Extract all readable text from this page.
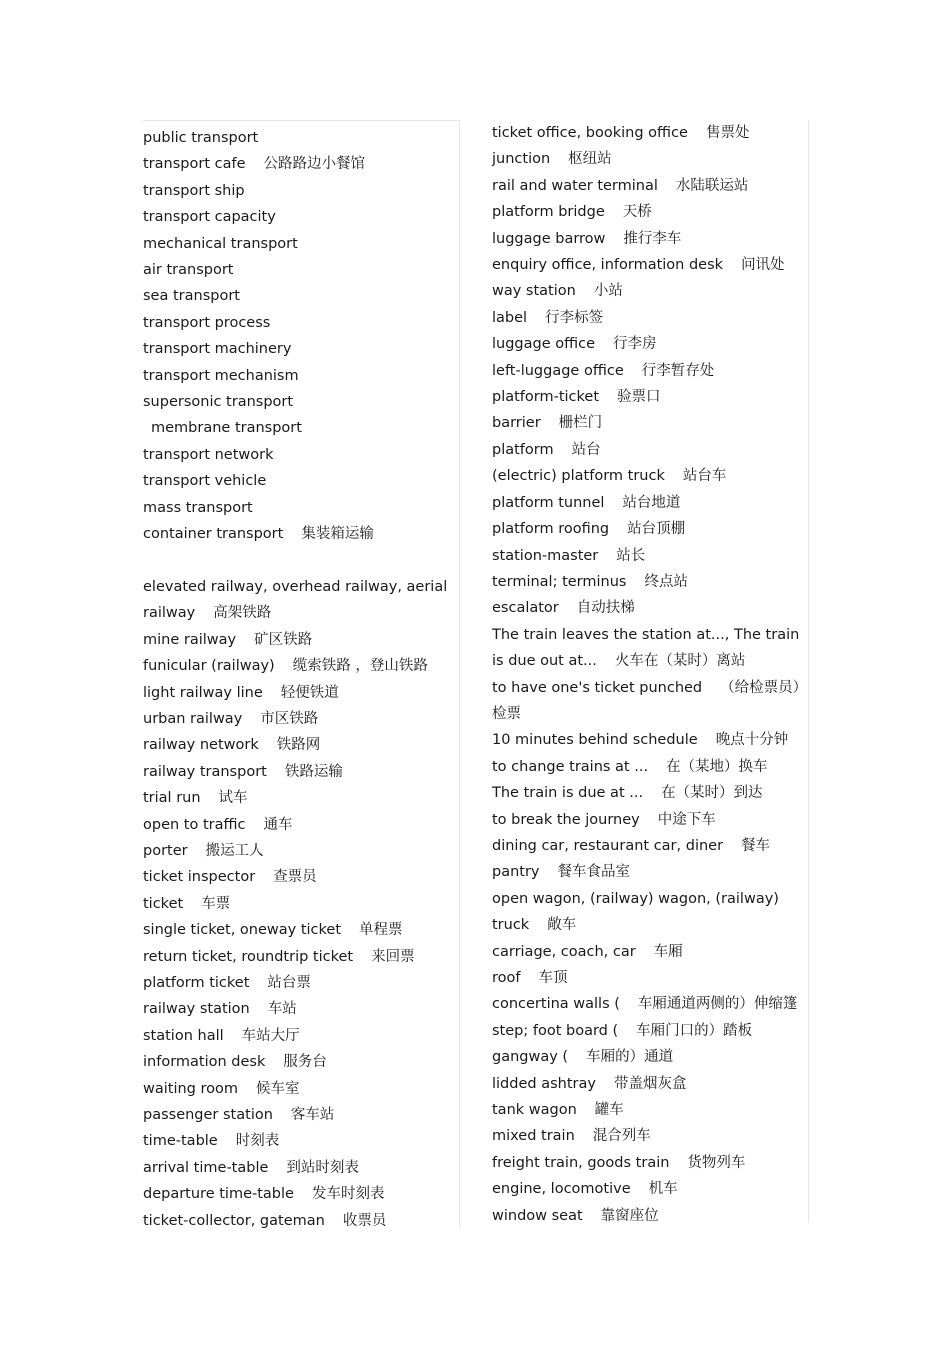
public transport
transport cafe 公路路边小餐馆
transport ship
transport capacity
mechanical transport
air transport
sea transport
transport process
transport machinery
transport mechanism
supersonic transport
membrane transport
transport network
transport vehicle
mass transport
container transport 集装箱运输
elevated railway, overhead railway, aerial
railway 高架铁路
mine railway 矿区铁路
funicular (railway) 缆索铁路 ，登山铁路
light railway line 轻便铁道
urban railway 市区铁路
railway network 铁路网
railway transport 铁路运输
trial run 试车
open to traffic 通车
porter 搬运工人
ticket inspector 查票员
ticket 车票
single ticket, oneway ticket 单程票
return ticket, roundtrip ticket 来回票
platform ticket 站台票
railway station 车站
station hall 车站大厅
information desk 服务台
waiting room 候车室
passenger station 客车站
time-table 时刻表
arrival time-table 到站时刻表
departure time-table 发车时刻表
ticket-collector, gateman 收票员
ticket office, booking office 售票处
junction 枢纽站
rail and water terminal 水陆联运站
platform bridge 天桥
luggage barrow 推行李车
enquiry office, information desk 问讯处
way station 小站
label 行李标签
luggage office 行李房
left-luggage office 行李暂存处
platform-ticket 验票口
barrier 栅栏门
platform 站台
(electric) platform truck 站台车
platform tunnel 站台地道
platform roofing 站台顶棚
station-master 站长
terminal; terminus 终点站
escalator 自动扶梯
The train leaves the station at..., The train
is due out at... 火车在（某时）离站
to have one's ticket punched （给检票员）
检票
10 minutes behind schedule 晚点十分钟
to change trains at ... 在（某地）换车
The train is due at ... 在（某时）到达
to break the journey 中途下车
dining car, restaurant car, diner 餐车
pantry 餐车食品室
open wagon, (railway) wagon, (railway)
truck 敞车
carriage, coach, car 车厢
roof 车顶
concertina walls ( 车厢通道两侧的）伸缩篷
step; foot board ( 车厢门口的）踏板
gangway ( 车厢的）通道
lidded ashtray 带盖烟灰盒
tank wagon 罐车
mixed train 混合列车
freight train, goods train 货物列车
engine, locomotive 机车
window seat 靠窗座位
